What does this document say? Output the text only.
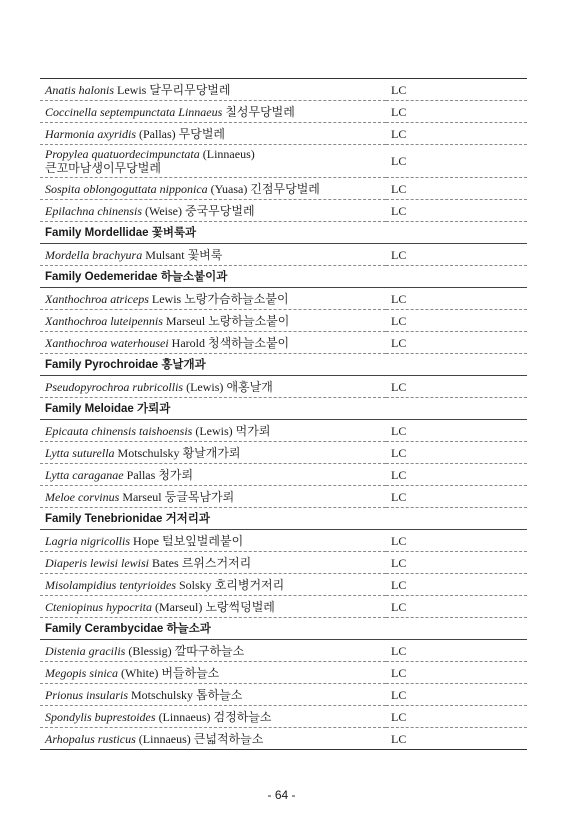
Anatis halonis Lewis 달무리무당벌레	LC
Coccinella septempunctata Linnaeus 칠성무당벌레	LC
Harmonia axyridis (Pallas) 무당벌레	LC
Propylea quatuordecimpunctata (Linnaeus)
큰꼬마남생이무당벌레	LC
Sospita oblongoguttata nipponica (Yuasa) 긴점무당벌레	LC
Epilachna chinensis (Weise) 중국무당벌레	LC
Family Mordellidae 꽃벼룩과	
Mordella brachyura Mulsant 꽃벼룩	LC
Family Oedemeridae 하늘소붙이과	
Xanthochroa atriceps Lewis 노랑가슴하늘소붙이	LC
Xanthochroa luteipennis Marseul 노랑하늘소붙이	LC
Xanthochroa waterhousei Harold 청색하늘소붙이	LC
Family Pyrochroidae 홍날개과	
Pseudopyrochroa rubricollis (Lewis) 애홍날개	LC
Family Meloidae 가뢰과	
Epicauta chinensis taishoensis (Lewis) 먹가뢰	LC
Lytta suturella Motschulsky 황날개가뢰	LC
Lytta caraganae Pallas 청가뢰	LC
Meloe corvinus Marseul 둥글목남가뢰	LC
Family Tenebrionidae 거저리과	
Lagria nigricollis Hope 털보잎벌레붙이	LC
Diaperis lewisi lewisi Bates 르위스거저리	LC
Misolampidius tentyrioides Solsky 호리병거저리	LC
Cteniopinus hypocrita (Marseul) 노랑썩덩벌레	LC
Family Cerambycidae 하늘소과	
Distenia gracilis (Blessig) 깔따구하늘소	LC
Megopis sinica (White) 버들하늘소	LC
Prionus insularis Motschulsky 톱하늘소	LC
Spondylis buprestoides (Linnaeus) 검정하늘소	LC
Arhopalus rusticus (Linnaeus) 큰넓적하늘소	LC
- 64 -
